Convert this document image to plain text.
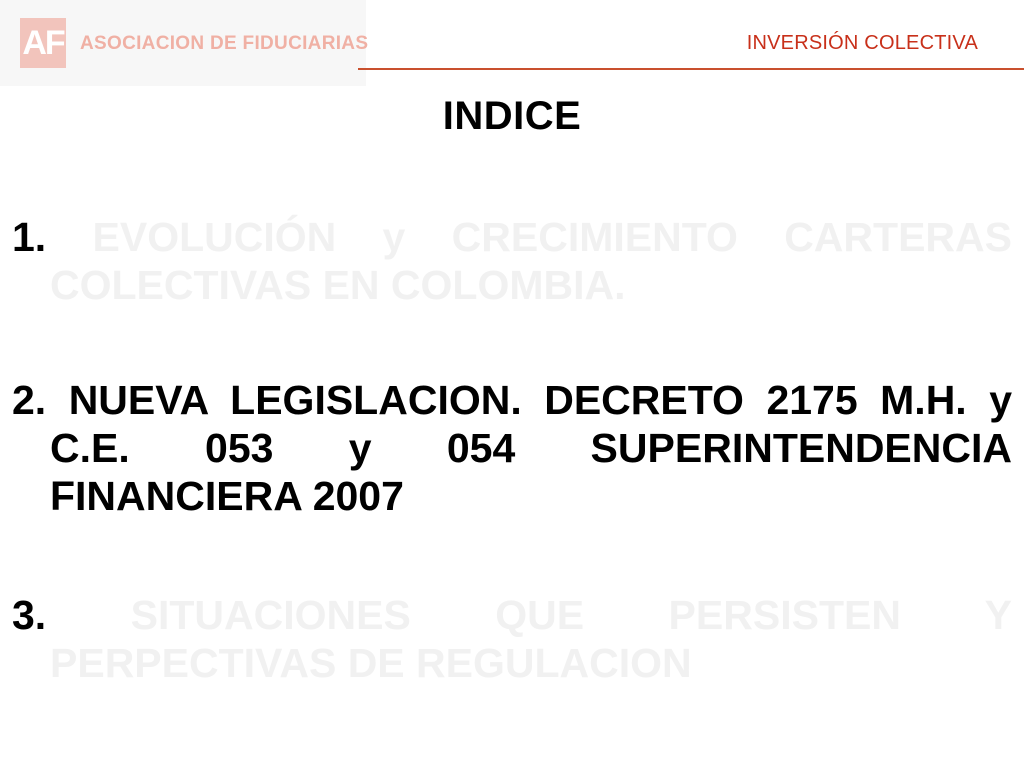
AF ASOCIACION DE FIDUCIARIAS	INVERSIÓN COLECTIVA
INDICE
1. EVOLUCIÓN y CRECIMIENTO CARTERAS COLECTIVAS EN COLOMBIA.
2. NUEVA LEGISLACION. DECRETO 2175 M.H. y C.E. 053 y 054 SUPERINTENDENCIA FINANCIERA 2007
3. SITUACIONES QUE PERSISTEN Y PERPECTIVAS DE REGULACION
